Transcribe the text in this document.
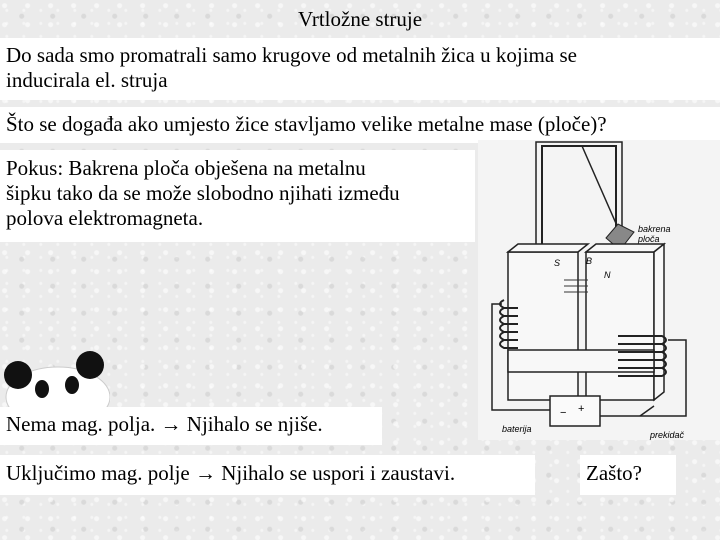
Vrtložne struje
Do sada smo promatrali samo krugove od metalnih žica u kojima se
inducirala el. struja
Što se događa ako umjesto žice stavljamo velike metalne mase (ploče)?
Pokus: Bakrena ploča obješena na metalnu
šipku tako da se može slobodno njihati između
polova elektromagneta.	bakrena
ploča
S	B
N
− +
baterija
prekidač
Nema mag. polja. → Njihalo se njiše.
Uključimo mag. polje → Njihalo se uspori i zaustavi.	Zašto?
